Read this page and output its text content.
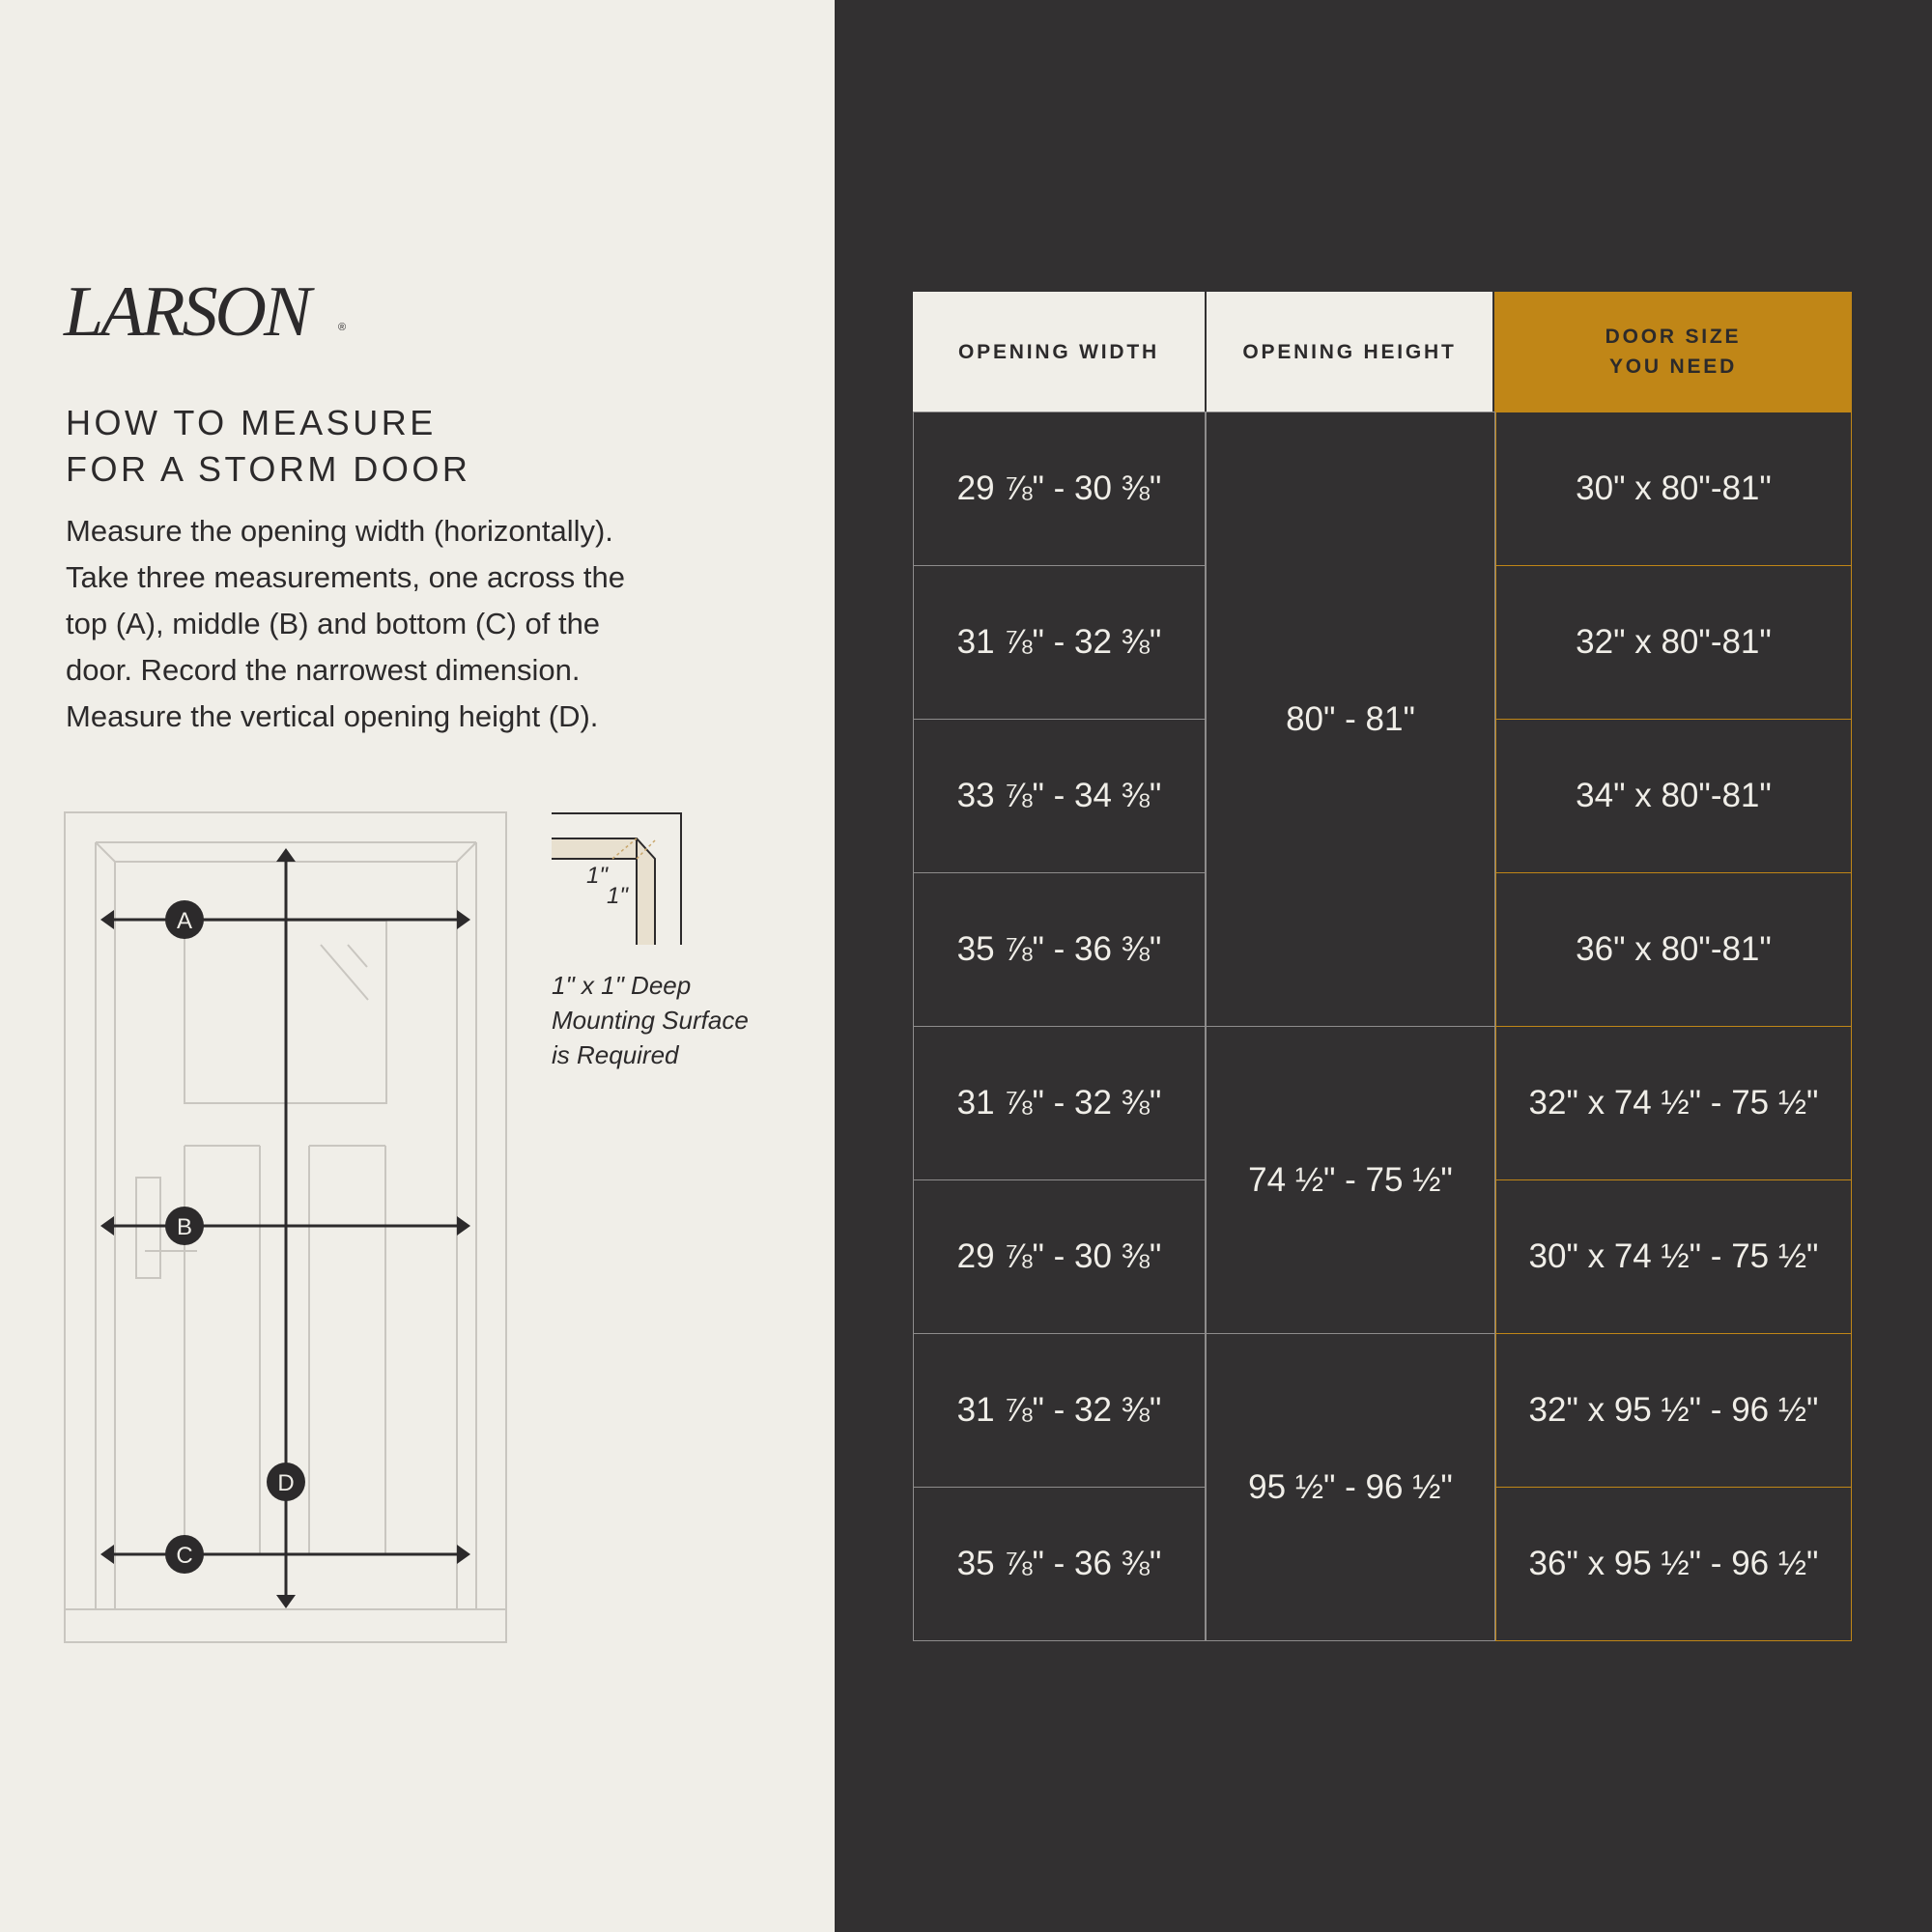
LARSON	®
HOW TO MEASURE
FOR A STORM DOOR
Measure the opening width (horizontally).
Take three measurements, one across the
top (A), middle (B) and bottom (C) of the
door. Record the narrowest dimension.
Measure the vertical opening height (D).
A
B
C
D
1"
1"
1" x 1" Deep
Mounting Surface
is Required
OPENING WIDTH	OPENING HEIGHT
DOOR SIZE
YOU NEED
29 ⅞" - 30 ⅜"
31 ⅞" - 32 ⅜"
33 ⅞" - 34 ⅜"
35 ⅞" - 36 ⅜"
31 ⅞" - 32 ⅜"
29 ⅞" - 30 ⅜"
31 ⅞" - 32 ⅜"
35 ⅞" - 36 ⅜"
80" - 81"
74 ½" - 75 ½"
95 ½" - 96 ½"
30" x 80"-81"
32" x 80"-81"
34" x 80"-81"
36" x 80"-81"
32" x 74 ½" - 75 ½"
30" x 74 ½" - 75 ½"
32" x 95 ½" - 96 ½"
36" x 95 ½" - 96 ½"
